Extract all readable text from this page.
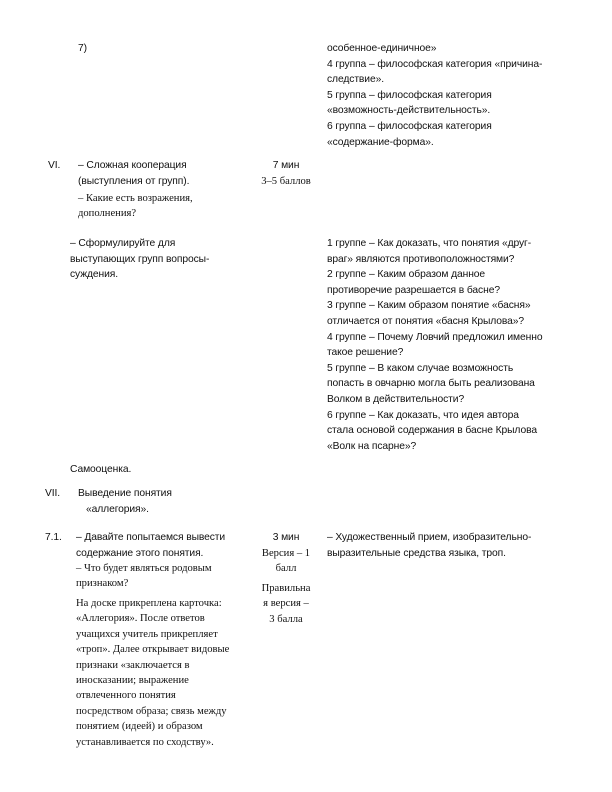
7)	особенное-единичное»
4 группа – философская категория «причина-
следствие».
5 группа – философская категория
«возможность-действительность».
6 группа – философская категория
«содержание-форма».
VI. – Сложная кооперация
(выступления от групп).
– Какие есть возражения,
дополнения?
7 мин
3–5 баллов
– Сформулируйте для
выступающих групп вопросы-
суждения.
1 группе – Как доказать, что понятия «друг-
враг» являются противоположностями?
2 группе – Каким образом данное
противоречие разрешается в басне?
3 группе – Каким образом понятие «басня»
отличается от понятия «басня Крылова»?
4 группе – Почему Ловчий предложил именно
такое решение?
5 группе – В каком случае возможность
попасть в овчарню могла быть реализована
Волком в действительности?
6 группе – Как доказать, что идея автора
стала основой содержания в басне Крылова
«Волк на псарне»?
Самооценка.
VII. Выведение понятия
«аллегория».
7.1. – Давайте попытаемся вывести
содержание этого понятия.
– Что будет являться родовым
признаком?
На доске прикреплена карточка:
«Аллегория». После ответов
учащихся учитель прикрепляет
«троп». Далее открывает видовые
признаки «заключается в
иносказании; выражение
отвлеченного понятия
посредством образа; связь между
понятием (идеей) и образом
устанавливается по сходству».
3 мин
Версия – 1
балл
Правильна
я версия –
3 балла
– Художественный прием, изобразительно-
выразительные средства языка, троп.
